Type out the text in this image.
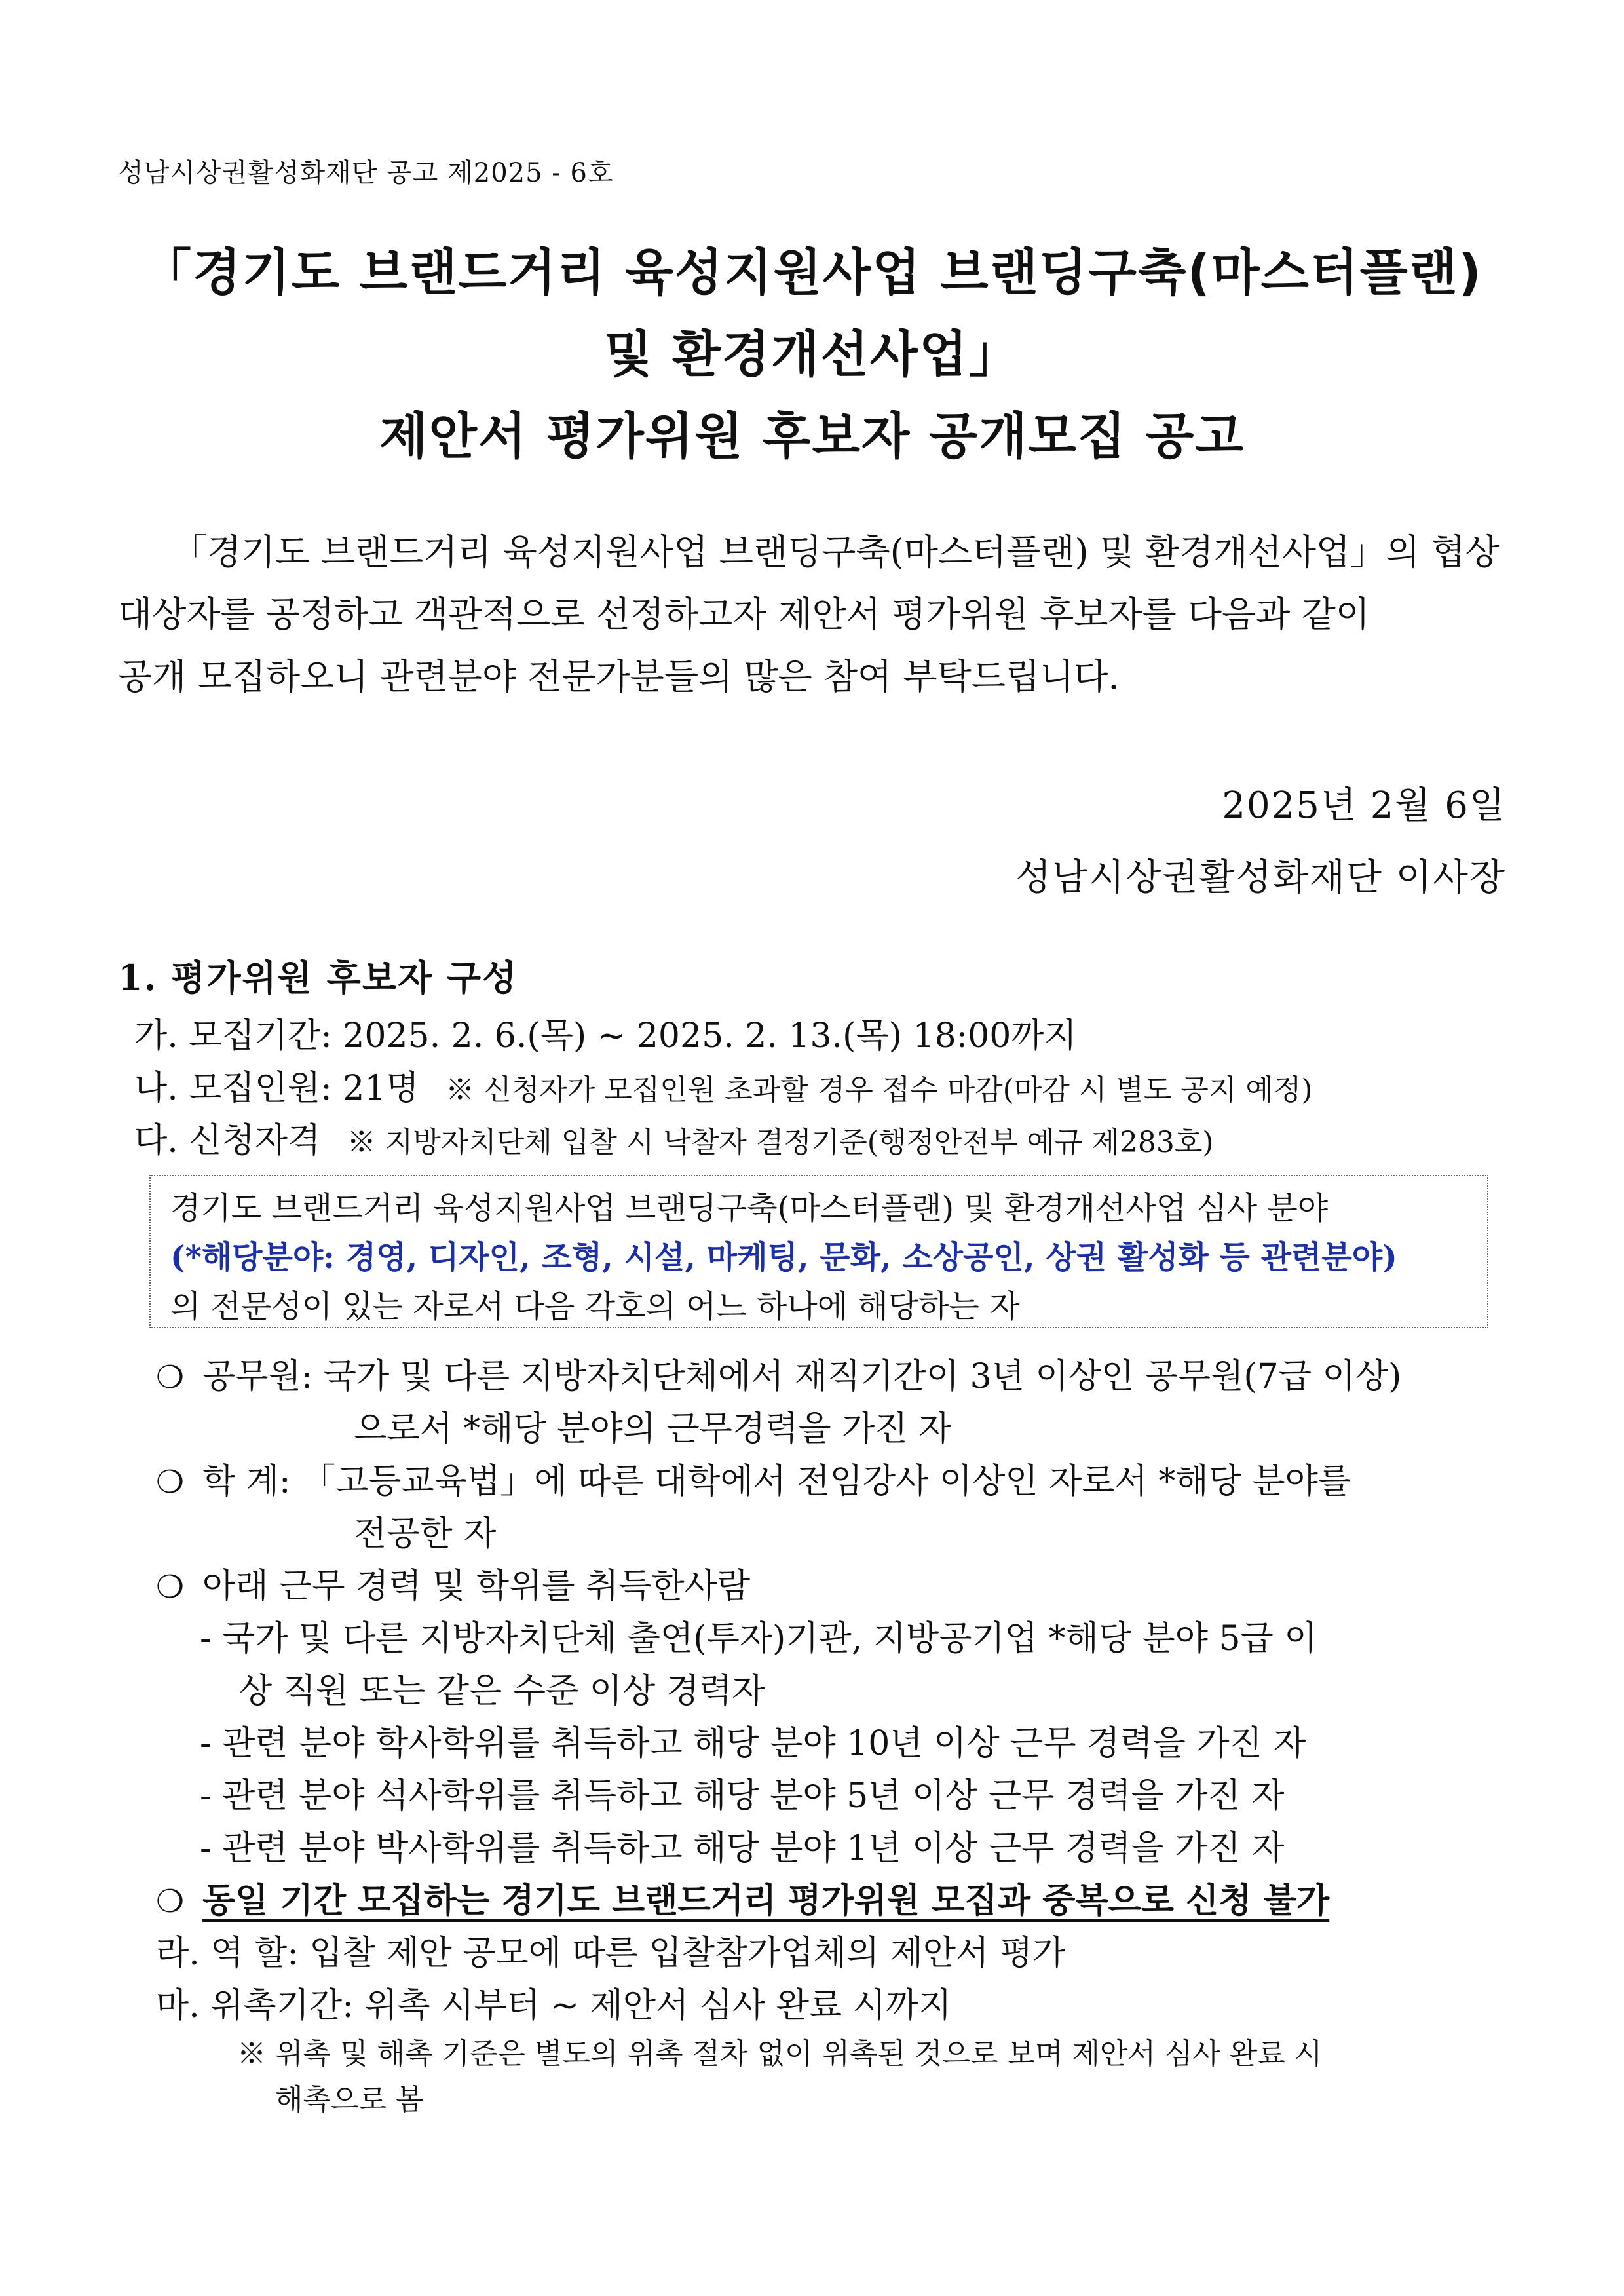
성남시상권활성화재단 공고 제2025 - 6호
「경기도 브랜드거리 육성지원사업 브랜딩구축(마스터플랜)
및 환경개선사업」
제안서 평가위원 후보자 공개모집 공고
「경기도 브랜드거리 육성지원사업 브랜딩구축(마스터플랜) 및 환경개선사업」의 협상
대상자를 공정하고 객관적으로 선정하고자 제안서 평가위원 후보자를 다음과 같이
공개 모집하오니 관련분야 전문가분들의 많은 참여 부탁드립니다.
2025년 2월 6일
성남시상권활성화재단 이사장
1. 평가위원 후보자 구성
가. 모집기간: 2025. 2. 6.(목) ~ 2025. 2. 13.(목) 18:00까지
나. 모집인원: 21명 ※ 신청자가 모집인원 초과할 경우 접수 마감(마감 시 별도 공지 예정)
다. 신청자격 ※ 지방자치단체 입찰 시 낙찰자 결정기준(행정안전부 예규 제283호)
경기도 브랜드거리 육성지원사업 브랜딩구축(마스터플랜) 및 환경개선사업 심사 분야
(*해당분야: 경영, 디자인, 조형, 시설, 마케팅, 문화, 소상공인, 상권 활성화 등 관련분야)
의 전문성이 있는 자로서 다음 각호의 어느 하나에 해당하는 자
❍ 공무원: 국가 및 다른 지방자치단체에서 재직기간이 3년 이상인 공무원(7급 이상)
으로서 *해당 분야의 근무경력을 가진 자
❍ 학 계: 「고등교육법」에 따른 대학에서 전임강사 이상인 자로서 *해당 분야를
전공한 자
❍ 아래 근무 경력 및 학위를 취득한사람
- 국가 및 다른 지방자치단체 출연(투자)기관, 지방공기업 *해당 분야 5급 이
상 직원 또는 같은 수준 이상 경력자
- 관련 분야 학사학위를 취득하고 해당 분야 10년 이상 근무 경력을 가진 자
- 관련 분야 석사학위를 취득하고 해당 분야 5년 이상 근무 경력을 가진 자
- 관련 분야 박사학위를 취득하고 해당 분야 1년 이상 근무 경력을 가진 자
❍ 동일 기간 모집하는 경기도 브랜드거리 평가위원 모집과 중복으로 신청 불가
라. 역 할: 입찰 제안 공모에 따른 입찰참가업체의 제안서 평가
마. 위촉기간: 위촉 시부터 ~ 제안서 심사 완료 시까지
※ 위촉 및 해촉 기준은 별도의 위촉 절차 없이 위촉된 것으로 보며 제안서 심사 완료 시
해촉으로 봄
